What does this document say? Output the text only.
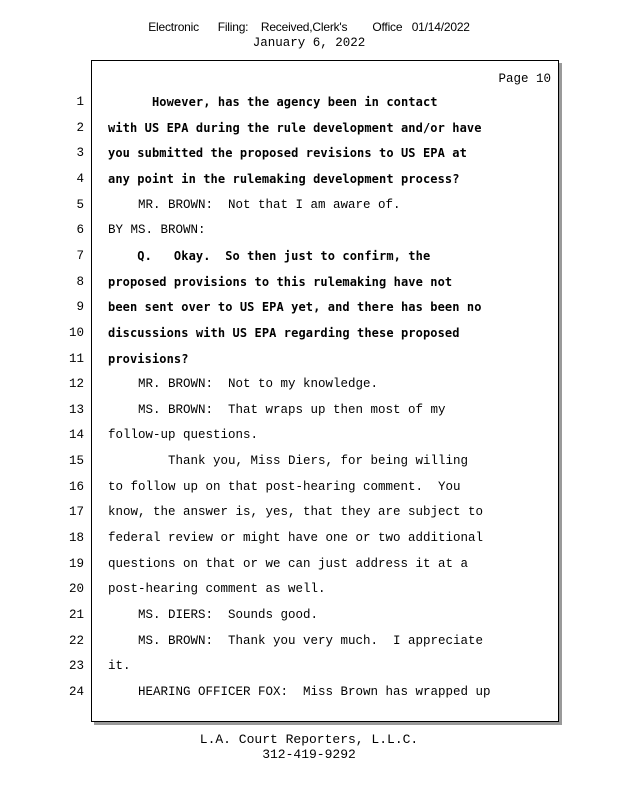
Electronic      Filing:    Received,Clerk's        Office   01/14/2022
January 6, 2022
Page 10
1 However, has the agency been in contact
2 with US EPA during the rule development and/or have
3 you submitted the proposed revisions to US EPA at
4 any point in the rulemaking development process?
5 MR. BROWN:  Not that I am aware of.
6 BY MS. BROWN:
7 Q.   Okay.  So then just to confirm, the
8 proposed provisions to this rulemaking have not
9 been sent over to US EPA yet, and there has been no
10 discussions with US EPA regarding these proposed
11 provisions?
12 MR. BROWN:  Not to my knowledge.
13 MS. BROWN:  That wraps up then most of my
14 follow-up questions.
15 Thank you, Miss Diers, for being willing
16 to follow up on that post-hearing comment.  You
17 know, the answer is, yes, that they are subject to
18 federal review or might have one or two additional
19 questions on that or we can just address it at a
20 post-hearing comment as well.
21 MS. DIERS:  Sounds good.
22 MS. BROWN:  Thank you very much.  I appreciate
23 it.
24 HEARING OFFICER FOX:  Miss Brown has wrapped up
L.A. Court Reporters, L.L.C.
312-419-9292
